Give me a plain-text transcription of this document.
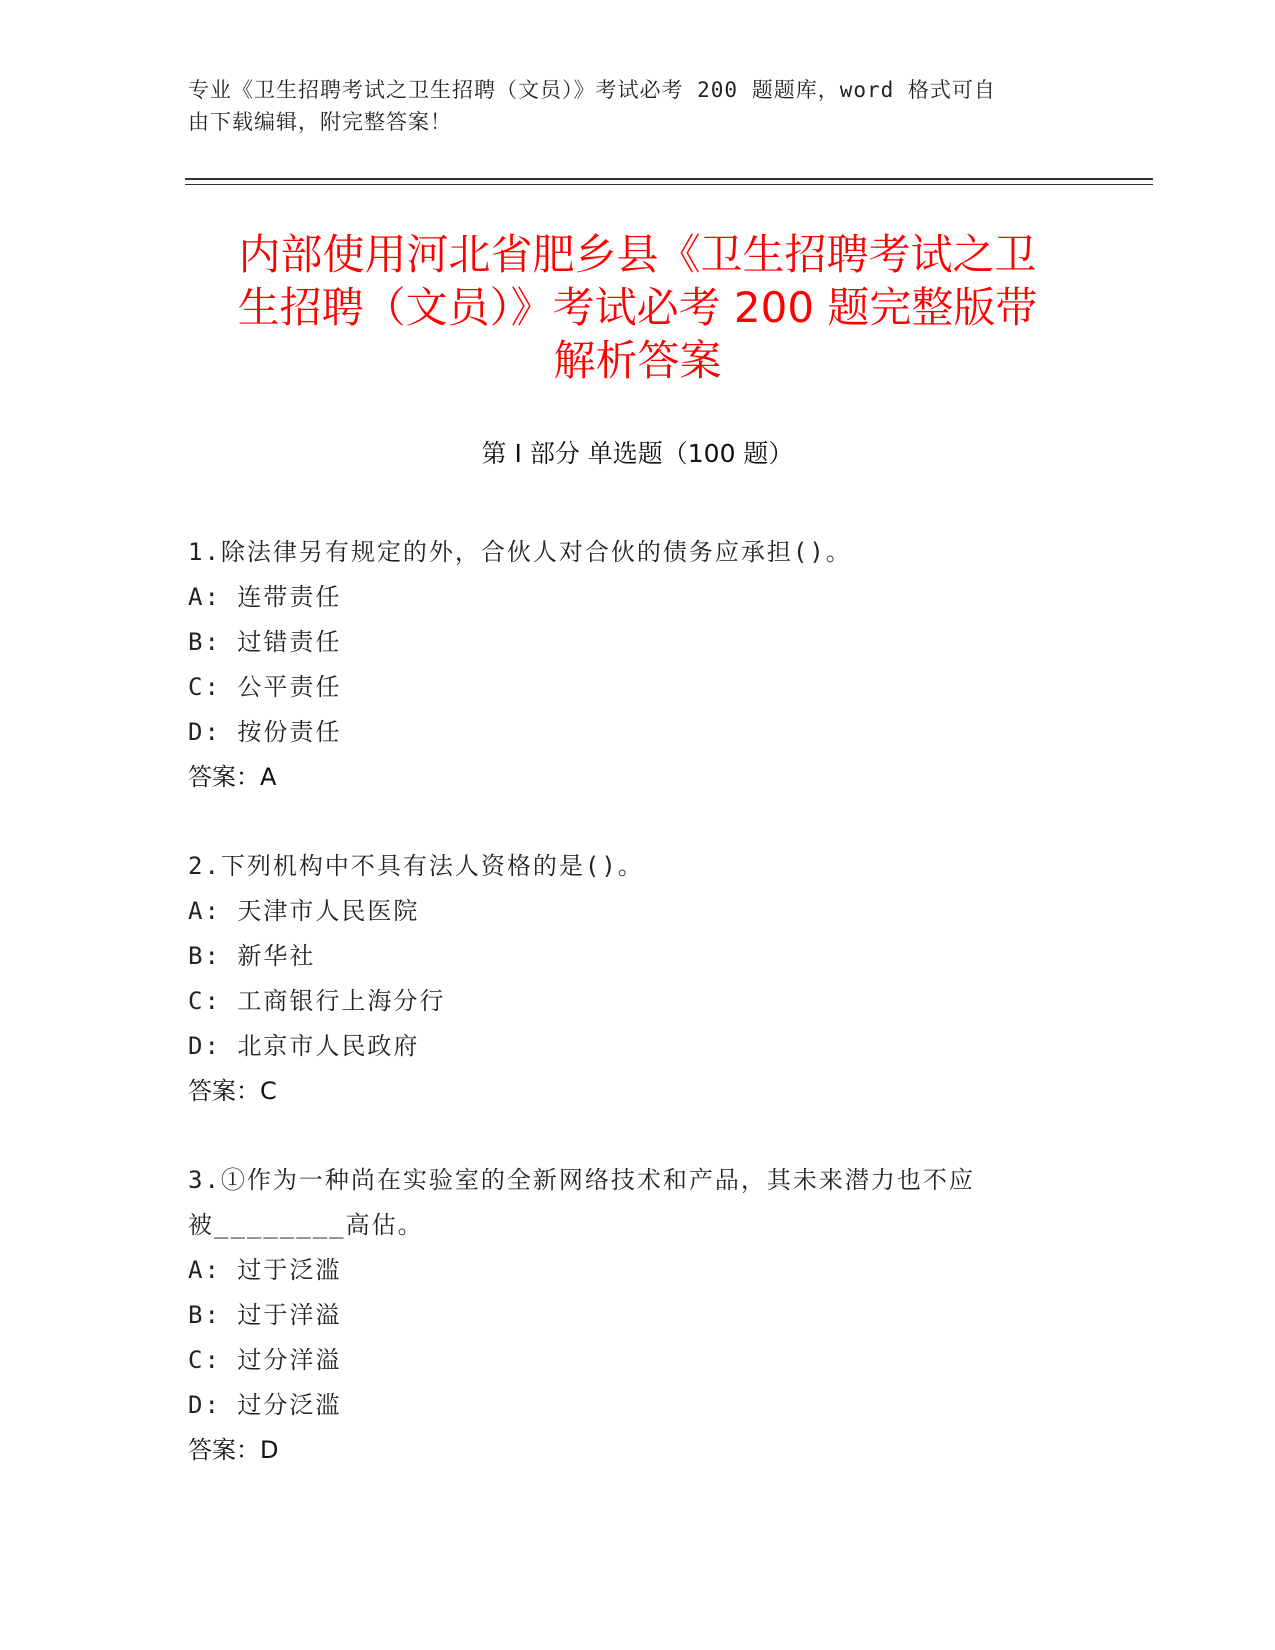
专业《卫生招聘考试之卫生招聘（文员）》考试必考 200 题题库，word 格式可自
由下载编辑，附完整答案！
内部使用河北省肥乡县《卫生招聘考试之卫
生招聘（文员）》考试必考 200 题完整版带
解析答案
第 I 部分 单选题（100 题）
1.除法律另有规定的外，合伙人对合伙的债务应承担()。
A: 连带责任
B: 过错责任
C: 公平责任
D: 按份责任
答案：A
2.下列机构中不具有法人资格的是()。
A: 天津市人民医院
B: 新华社
C: 工商银行上海分行
D: 北京市人民政府
答案：C
3.①作为一种尚在实验室的全新网络技术和产品，其未来潜力也不应
被________高估。
A: 过于泛滥
B: 过于洋溢
C: 过分洋溢
D: 过分泛滥
答案：D
